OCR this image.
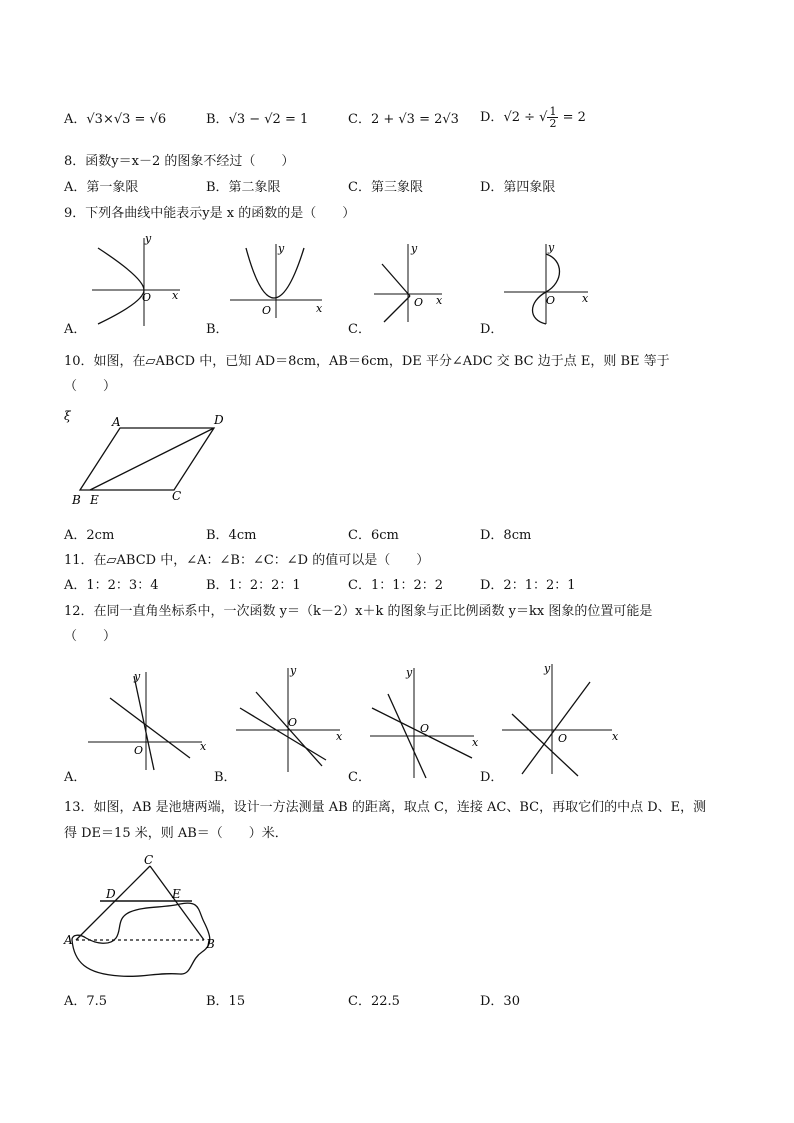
A．√3×√3 = √6	B．√3 − √2 = 1	C．2 + √3 = 2√3 D．√2 ÷ √ $\frac{1}{2} = 2$
8．函数y＝x－2 的图象不经过（　　）
A．第一象限	B．第二象限	C．第三象限	D．第四象限
9．下列各曲线中能表示y是 x 的函数的是（　　）
y
x
O
y
x
O
y
x
O
y
x
O
A．	B．	C．	D．
10．如图，在▱ABCD 中，已知 AD＝8cm，AB＝6cm，DE 平分∠ADC 交 BC 边于点 E，则 BE 等于
（　　）
ξ	A	D
B E	C
A．2cm	B．4cm	C．6cm	D．8cm
11．在▱ABCD 中，∠A：∠B：∠C：∠D 的值可以是（　　）
A．1：2：3：4	B．1：2：2：1	C．1：1：2：2	D．2：1：2：1
12．在同一直角坐标系中，一次函数 y＝（k－2）x＋k 的图象与正比例函数 y＝kx 图象的位置可能是
（　　）
y
x
O
y
x
O
y
x
O
y
x
O
A．	B．	C．	D．
13．如图，AB 是池塘两端，设计一方法测量 AB 的距离，取点 C，连接 AC、BC，再取它们的中点 D、E，测
得 DE＝15 米，则 AB＝（　　）米．
C
D	E
A	B
A．7.5	B．15	C．22.5	D．30
